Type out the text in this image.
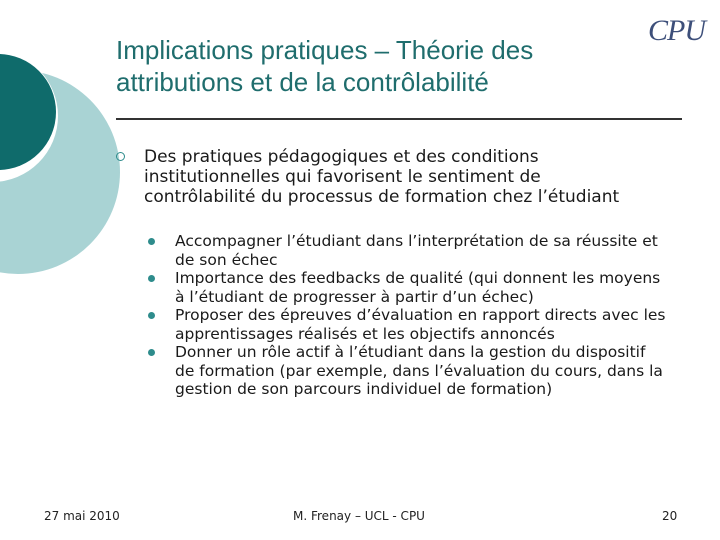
Implications pratiques – Théorie des
attributions et de la contrôlabilité
CPU
Des pratiques pédagogiques et des conditions institutionnelles qui favorisent le sentiment de contrôlabilité du processus de formation chez l’étudiant
Accompagner l’étudiant dans l’interprétation de sa réussite et de son échec
Importance des feedbacks de qualité (qui donnent les moyens à l’étudiant de progresser à partir d’un échec)
Proposer des épreuves d’évaluation en rapport directs avec les apprentissages réalisés et les objectifs annoncés
Donner un rôle actif à l’étudiant dans la gestion du dispositif de formation (par exemple, dans l’évaluation du cours, dans la gestion de son parcours individuel de formation)
27 mai 2010	M. Frenay – UCL - CPU	20
